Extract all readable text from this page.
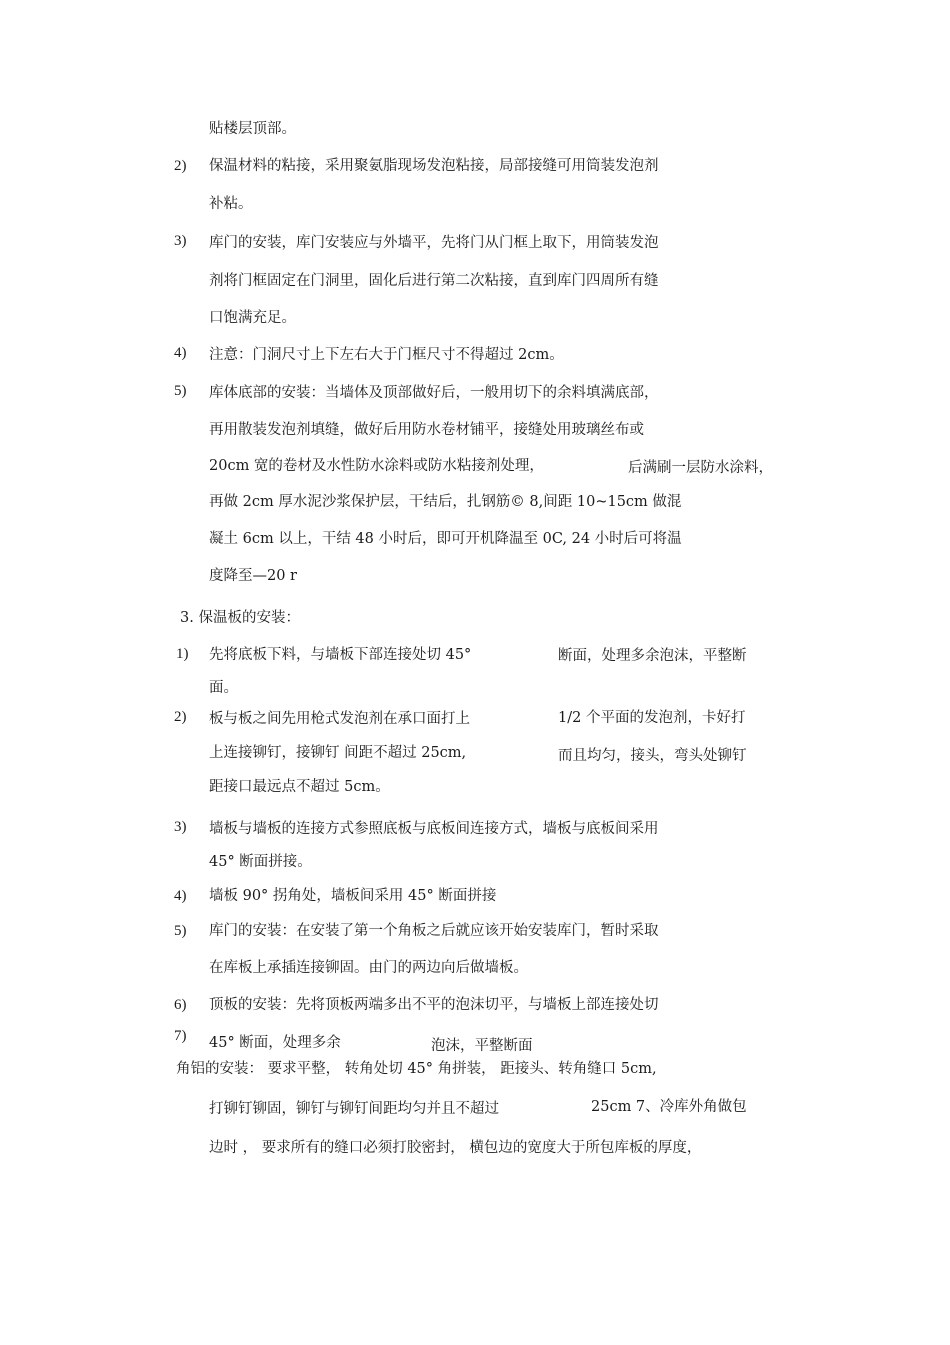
贴楼层顶部。
2) 保温材料的粘接，采用聚氨脂现场发泡粘接，局部接缝可用筒装发泡剂
补粘。
3) 库门的安装，库门安装应与外墙平，先将门从门框上取下，用筒装发泡
剂将门框固定在门洞里，固化后进行第二次粘接，直到库门四周所有缝
口饱满充足。
4) 注意：门洞尺寸上下左右大于门框尺寸不得超过 2cm。
5) 库体底部的安装：当墙体及顶部做好后，一般用切下的余料填满底部，
再用散装发泡剂填缝，做好后用防水卷材铺平，接缝处用玻璃丝布或
20cm 宽的卷材及水性防水涂料或防水粘接剂处理，	后满刷一层防水涂料，
再做 2cm 厚水泥沙浆保护层，干结后，扎钢筋© 8,间距 10~15cm 做混
凝土 6cm 以上，干结 48 小时后，即可开机降温至 0C, 24 小时后可将温
度降至—20 r
3. 保温板的安装：
1) 先将底板下料，与墙板下部连接处切 45°	断面，处理多余泡沫，平整断
面。
2) 板与板之间先用枪式发泡剂在承口面打上	1/2 个平面的发泡剂，卡好打
上连接铆钉，接铆钉 间距不超过 25cm,	而且均匀，接头，弯头处铆钉
距接口最远点不超过 5cm。
3) 墙板与墙板的连接方式参照底板与底板间连接方式，墙板与底板间采用
45° 断面拼接。
4) 墙板 90° 拐角处，墙板间采用 45° 断面拼接
5) 库门的安装：在安装了第一个角板之后就应该开始安装库门，暂时采取
在库板上承插连接铆固。由门的两边向后做墙板。
6) 顶板的安装：先将顶板两端多出不平的泡沫切平，与墙板上部连接处切
7) 45° 断面，处理多余	泡沫，平整断面
角铝的安装： 要求平整， 转角处切 45° 角拼装， 距接头、转角缝口 5cm,
打铆钉铆固，铆钉与铆钉间距均匀并且不超过	25cm 7、冷库外角做包
边时 ， 要求所有的缝口必须打胶密封， 横包边的宽度大于所包库板的厚度，
